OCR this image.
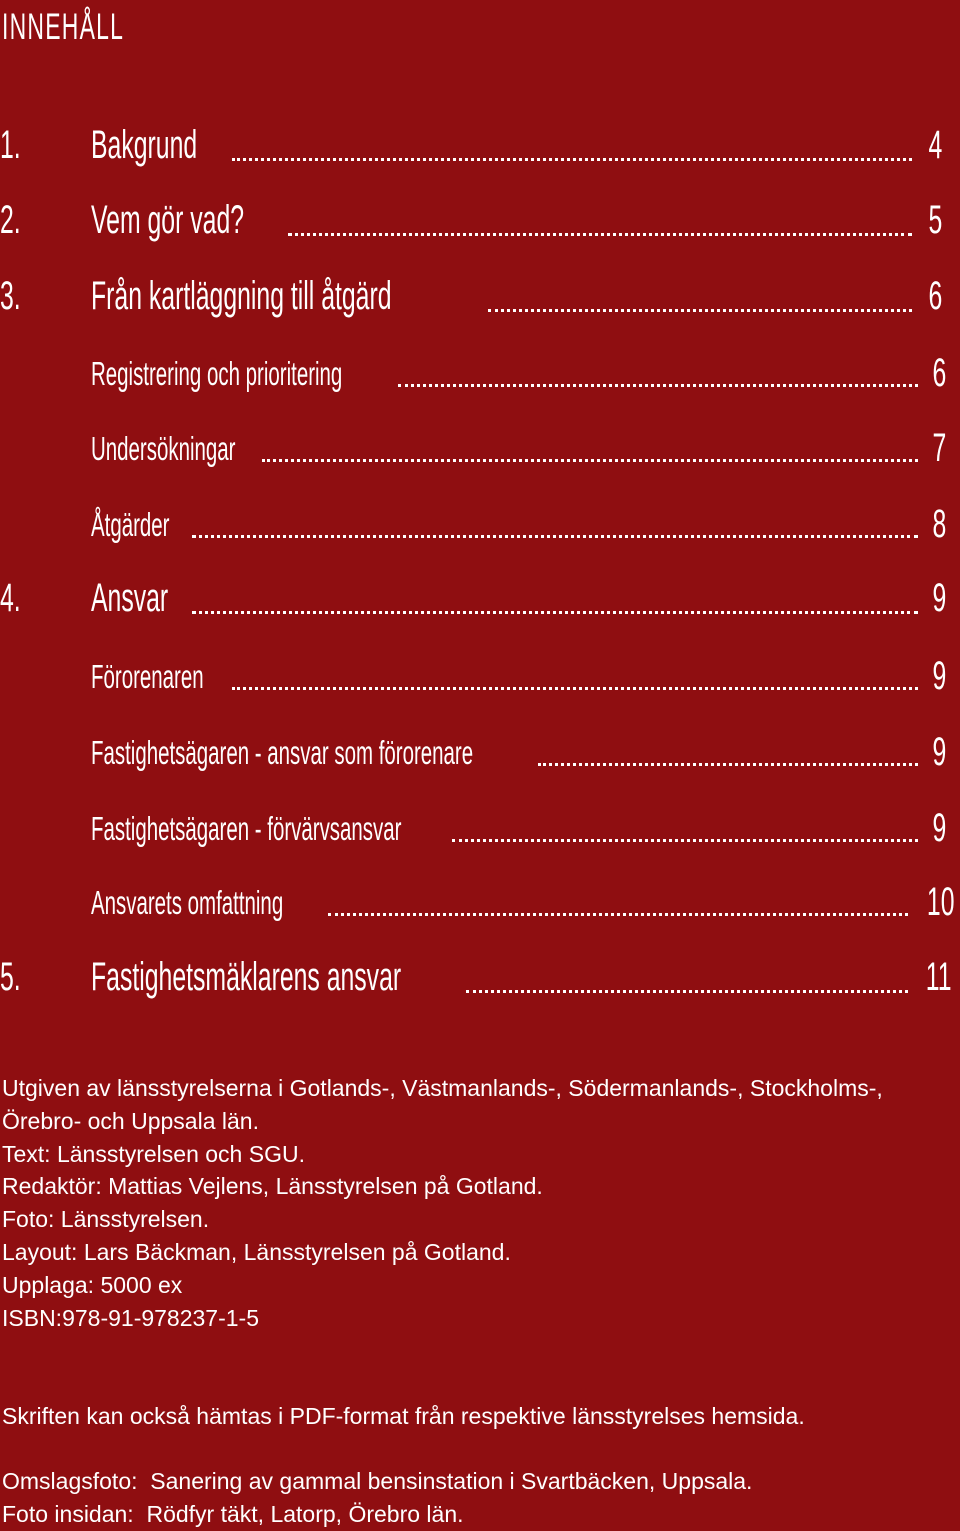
INNEHÅLL
1. Bakgrund	4
2. Vem gör vad?	5
3. Från kartläggning till åtgärd	6
Registrering och prioritering	6
Undersökningar	7
Åtgärder	8
4. Ansvar	9
Förorenaren	9
Fastighetsägaren - ansvar som förorenare	9
Fastighetsägaren - förvärvsansvar	9
Ansvarets omfattning	10
5. Fastighetsmäklarens ansvar	11
Utgiven av länsstyrelserna i Gotlands-, Västmanlands-, Södermanlands-, Stockholms-,
Örebro- och Uppsala län.
Text: Länsstyrelsen och SGU.
Redaktör: Mattias Vejlens, Länsstyrelsen på Gotland.
Foto: Länsstyrelsen.
Layout: Lars Bäckman, Länsstyrelsen på Gotland.
Upplaga: 5000 ex
ISBN:978-91-978237-1-5
Skriften kan också hämtas i PDF-format från respektive länsstyrelses hemsida.
Omslagsfoto:  Sanering av gammal bensinstation i Svartbäcken, Uppsala.
Foto insidan:  Rödfyr täkt, Latorp, Örebro län.
